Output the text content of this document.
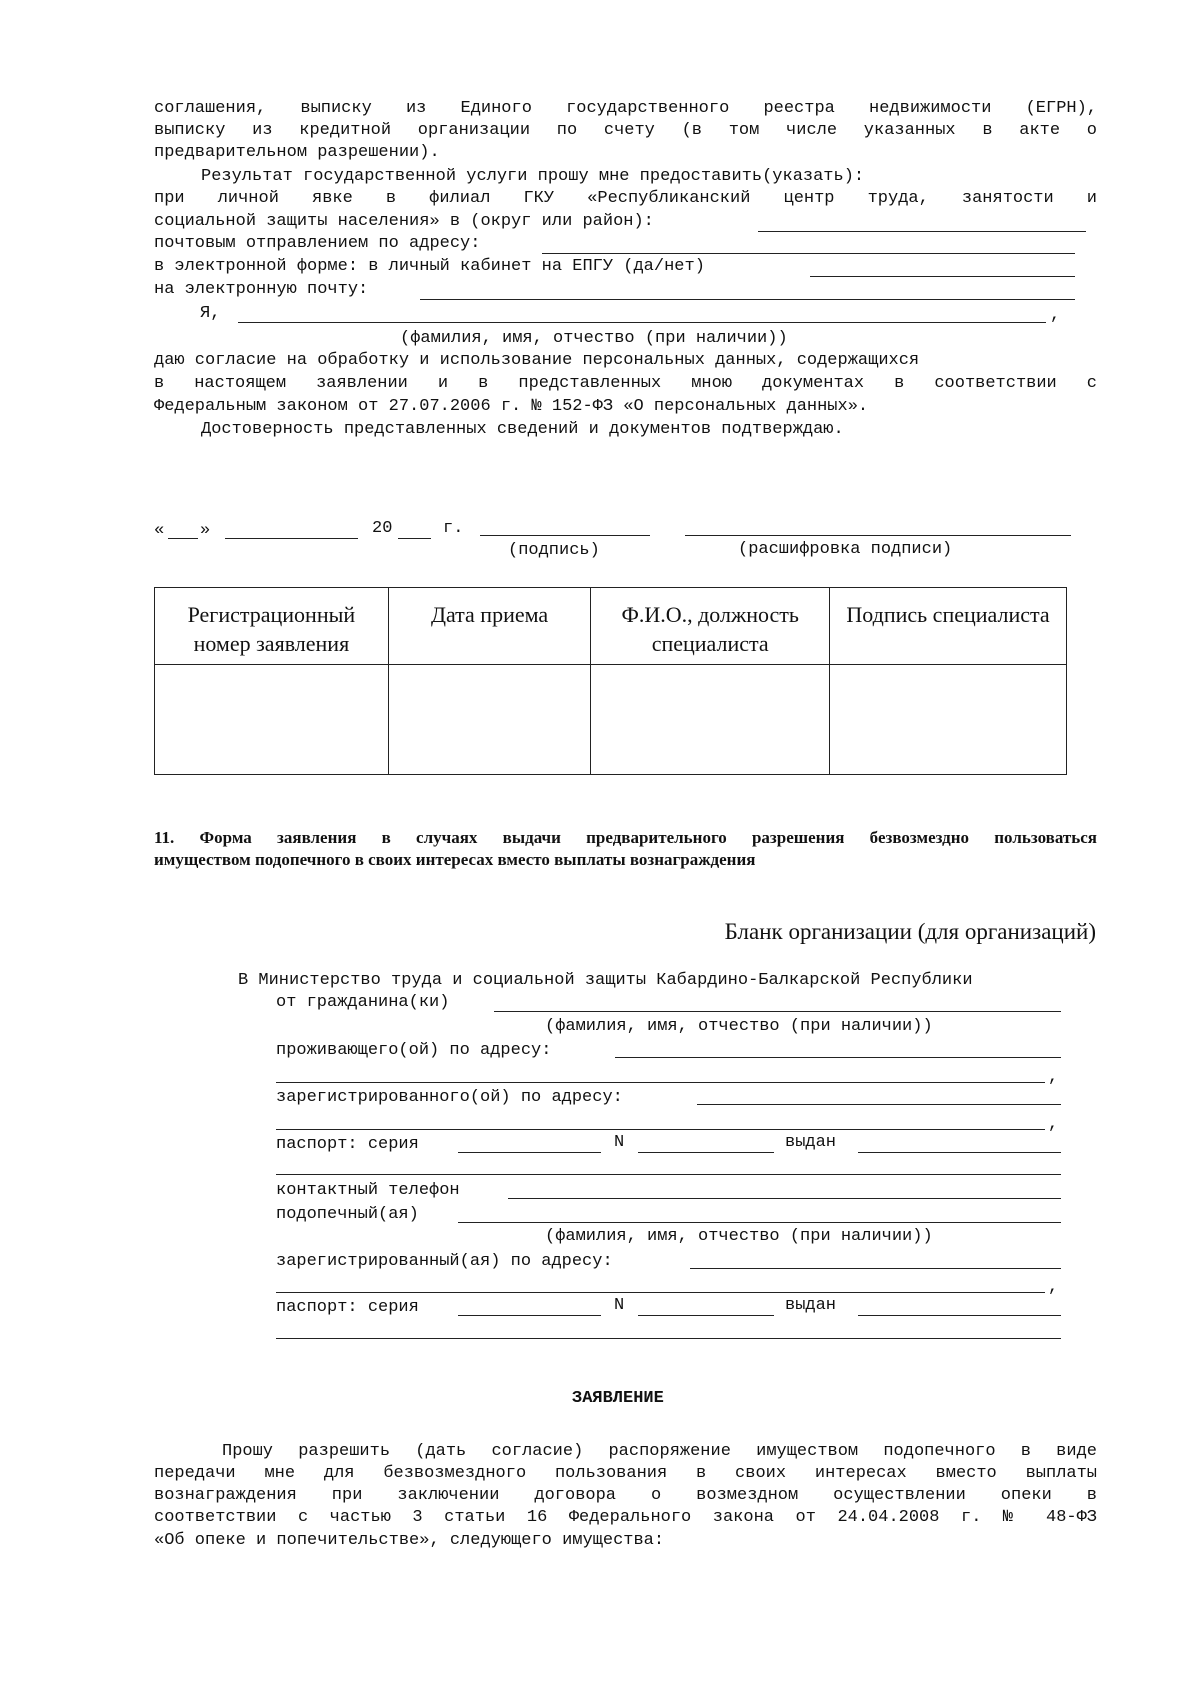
соглашения, выписку из Единого государственного реестра недвижимости (ЕГРН),
выписку из кредитной организации по счету (в том числе указанных в акте о
предварительном разрешении).
Результат государственной услуги прошу мне предоставить(указать):
при личной явке в филиал ГКУ «Республиканский центр труда, занятости и
социальной защиты населения» в (округ или район):
почтовым отправлением по адресу:
в электронной форме: в личный кабинет на ЕПГУ (да/нет)
на электронную почту:
Я,	,
(фамилия, имя, отчество (при наличии))
даю согласие на обработку и использование персональных данных, содержащихся
в настоящем заявлении и в представленных мною документах в соответствии с
Федеральным законом от 27.07.2006 г. № 152-ФЗ «О персональных данных».
Достоверность представленных сведений и документов подтверждаю.
« »	20	г.
(подпись)	(расшифровка подписи)
Регистрационный номер заявления	Дата приема	Ф.И.О., должность специалиста	Подпись специалиста

11. Форма заявления в случаях выдачи предварительного разрешения безвозмездно пользоваться
имуществом подопечного в своих интересах вместо выплаты вознаграждения
Бланк организации (для организаций)
В Министерство труда и социальной защиты Кабардино-Балкарской Республики
от гражданина(ки)
(фамилия, имя, отчество (при наличии))
проживающего(ой) по адресу:
,
зарегистрированного(ой) по адресу:
,
паспорт: серия	N	выдан
контактный телефон
подопечный(ая)
(фамилия, имя, отчество (при наличии))
зарегистрированный(ая) по адресу:
,
паспорт: серия	N	выдан
ЗАЯВЛЕНИЕ
Прошу разрешить (дать согласие) распоряжение имуществом подопечного в виде
передачи мне для безвозмездного пользования в своих интересах вместо выплаты
вознаграждения при заключении договора о возмездном осуществлении опеки в
соответствии с частью 3 статьи 16 Федерального закона от 24.04.2008 г. № 48-ФЗ
«Об опеке и попечительстве», следующего имущества:
